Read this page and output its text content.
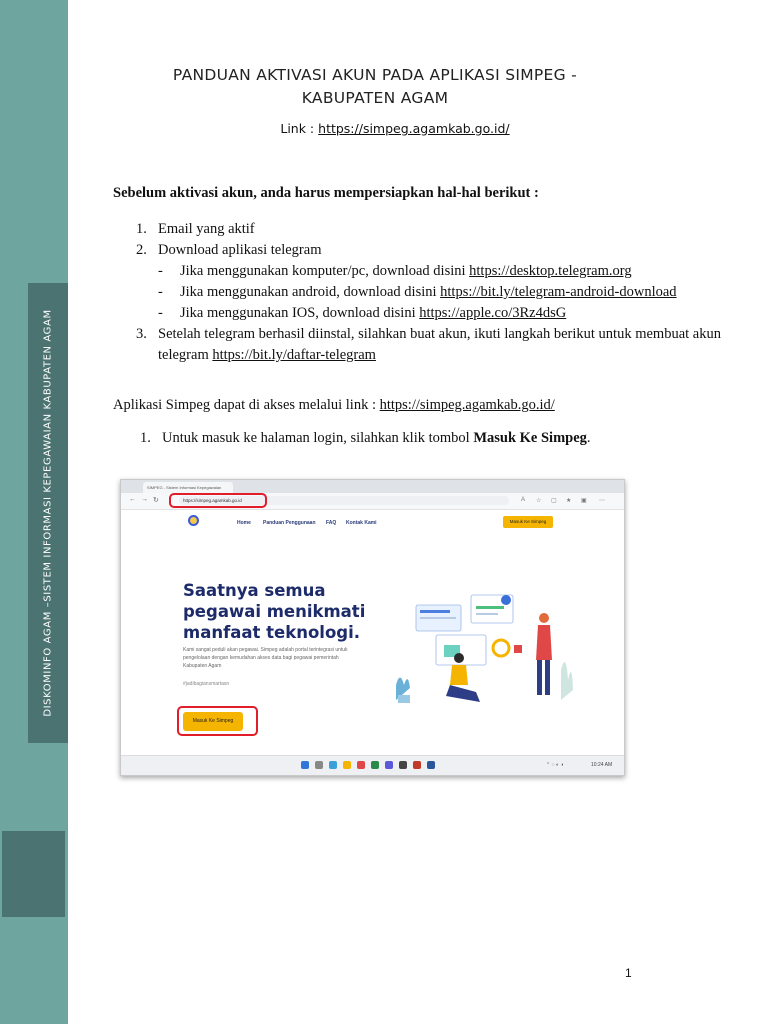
DISKOMINFO AGAM –SISTEM INFORMASI KEPEGAWAIAN KABUPATEN AGAM
PANDUAN AKTIVASI AKUN PADA APLIKASI SIMPEG -
KABUPATEN AGAM
Link : https://simpeg.agamkab.go.id/
Sebelum aktivasi akun, anda harus mempersiapkan hal-hal berikut :
1. Email yang aktif
2. Download aplikasi telegram
- Jika menggunakan komputer/pc, download disini https://desktop.telegram.org
- Jika menggunakan android, download disini https://bit.ly/telegram-android-download
- Jika menggunakan IOS, download disini https://apple.co/3Rz4dsG
3. Setelah telegram berhasil diinstal, silahkan buat akun, ikuti langkah berikut untuk membuat akun telegram https://bit.ly/daftar-telegram
Aplikasi Simpeg dapat di akses melalui link : https://simpeg.agamkab.go.id/
1. Untuk masuk ke halaman login, silahkan klik tombol Masuk Ke Simpeg.
SIMPEG - Sistem Informasi Kepegawaian
← → ↻	https://simpeg.agamkab.go.id	A ☆ ▢ ★ ▣ ⋯
Home Panduan Penggunaan FAQ Kontak Kami	Masuk Ke Simpeg
Saatnya semua
pegawai menikmati
manfaat teknologi.
Kami sangat peduli akan pegawai. Simpeg adalah portal terintegrasi untuk pengelolaan dengan kemudahan akses data bagi pegawai pemerintah Kabupaten Agam
#jadibagiansmartasn
Masuk Ke Simpeg
⌃ ◌ ◐ ◑	10:24 AM
1
